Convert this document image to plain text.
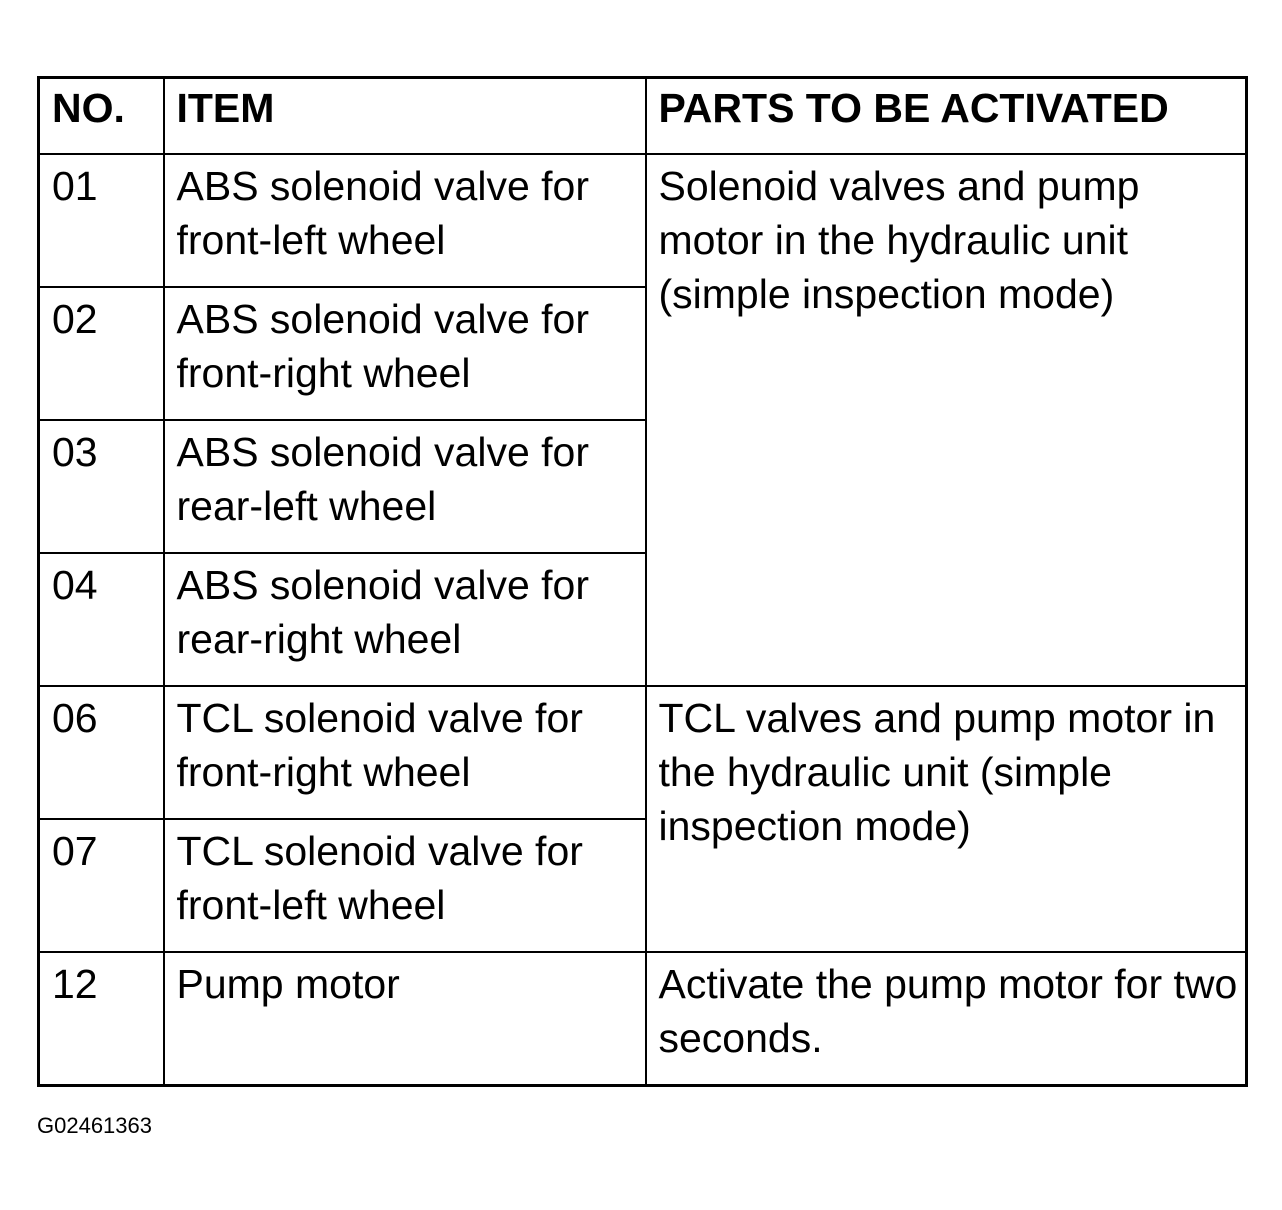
NO.	ITEM	PARTS TO BE ACTIVATED
01	ABS solenoid valve for front-left wheel	Solenoid valves and pump motor in the hydraulic unit (simple inspection mode)
02	ABS solenoid valve for front-right wheel	
03	ABS solenoid valve for rear-left wheel	
04	ABS solenoid valve for rear-right wheel	
06	TCL solenoid valve for front-right wheel	TCL valves and pump motor in the hydraulic unit (simple inspection mode)
07	TCL solenoid valve for front-left wheel	
12	Pump motor	Activate the pump motor for two seconds.
G02461363
